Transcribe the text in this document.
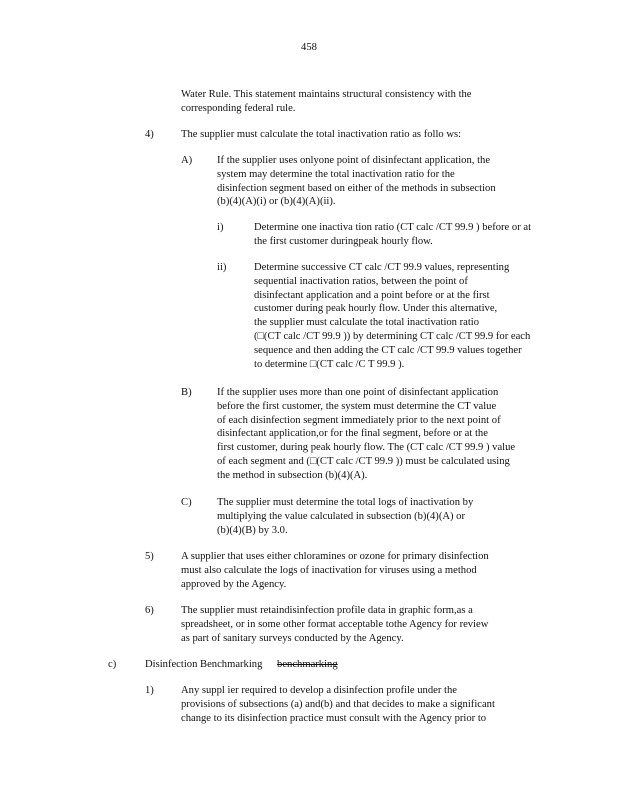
458
Water Rule. This statement maintains structural consistency with the
corresponding federal rule.
4)	The supplier must calculate the total inactivation ratio as follo ws:
A) If the supplier uses onlyone point of disinfectant application, the
system may determine the total inactivation ratio for the
disinfection segment based on either of the methods in subsection
(b)(4)(A)(i) or (b)(4)(A)(ii).
i)	Determine one inactiva tion ratio (CT calc /CT 99.9 ) before or at
the first customer duringpeak hourly flow.
ii)	Determine successive CT calc /CT 99.9 values, representing
sequential inactivation ratios, between the point of
disinfectant application and a point before or at the first
customer during peak hourly flow. Under this alternative,
the supplier must calculate the total inactivation ratio
(□(CT calc /CT 99.9 )) by determining CT calc /CT 99.9 for each
sequence and then adding the CT calc /CT 99.9 values together
to determine □(CT calc /C T 99.9 ).
B) If the supplier uses more than one point of disinfectant application
before the first customer, the system must determine the CT value
of each disinfection segment immediately prior to the next point of
disinfectant application,or for the final segment, before or at the
first customer, during peak hourly flow. The (CT calc /CT 99.9 ) value
of each segment and (□(CT calc /CT 99.9 )) must be calculated using
the method in subsection (b)(4)(A).
C) The supplier must determine the total logs of inactivation by
multiplying the value calculated in subsection (b)(4)(A) or
(b)(4)(B) by 3.0.
5)	A supplier that uses either chloramines or ozone for primary disinfection
must also calculate the logs of inactivation for viruses using a method
approved by the Agency.
6)	The supplier must retaindisinfection profile data in graphic form,as a
spreadsheet, or in some other format acceptable tothe Agency for review
as part of sanitary surveys conducted by the Agency.
c)	Disinfection Benchmarking benchmarking
1)	Any suppl ier required to develop a disinfection profile under the
provisions of subsections (a) and(b) and that decides to make a significant
change to its disinfection practice must consult with the Agency prior to
